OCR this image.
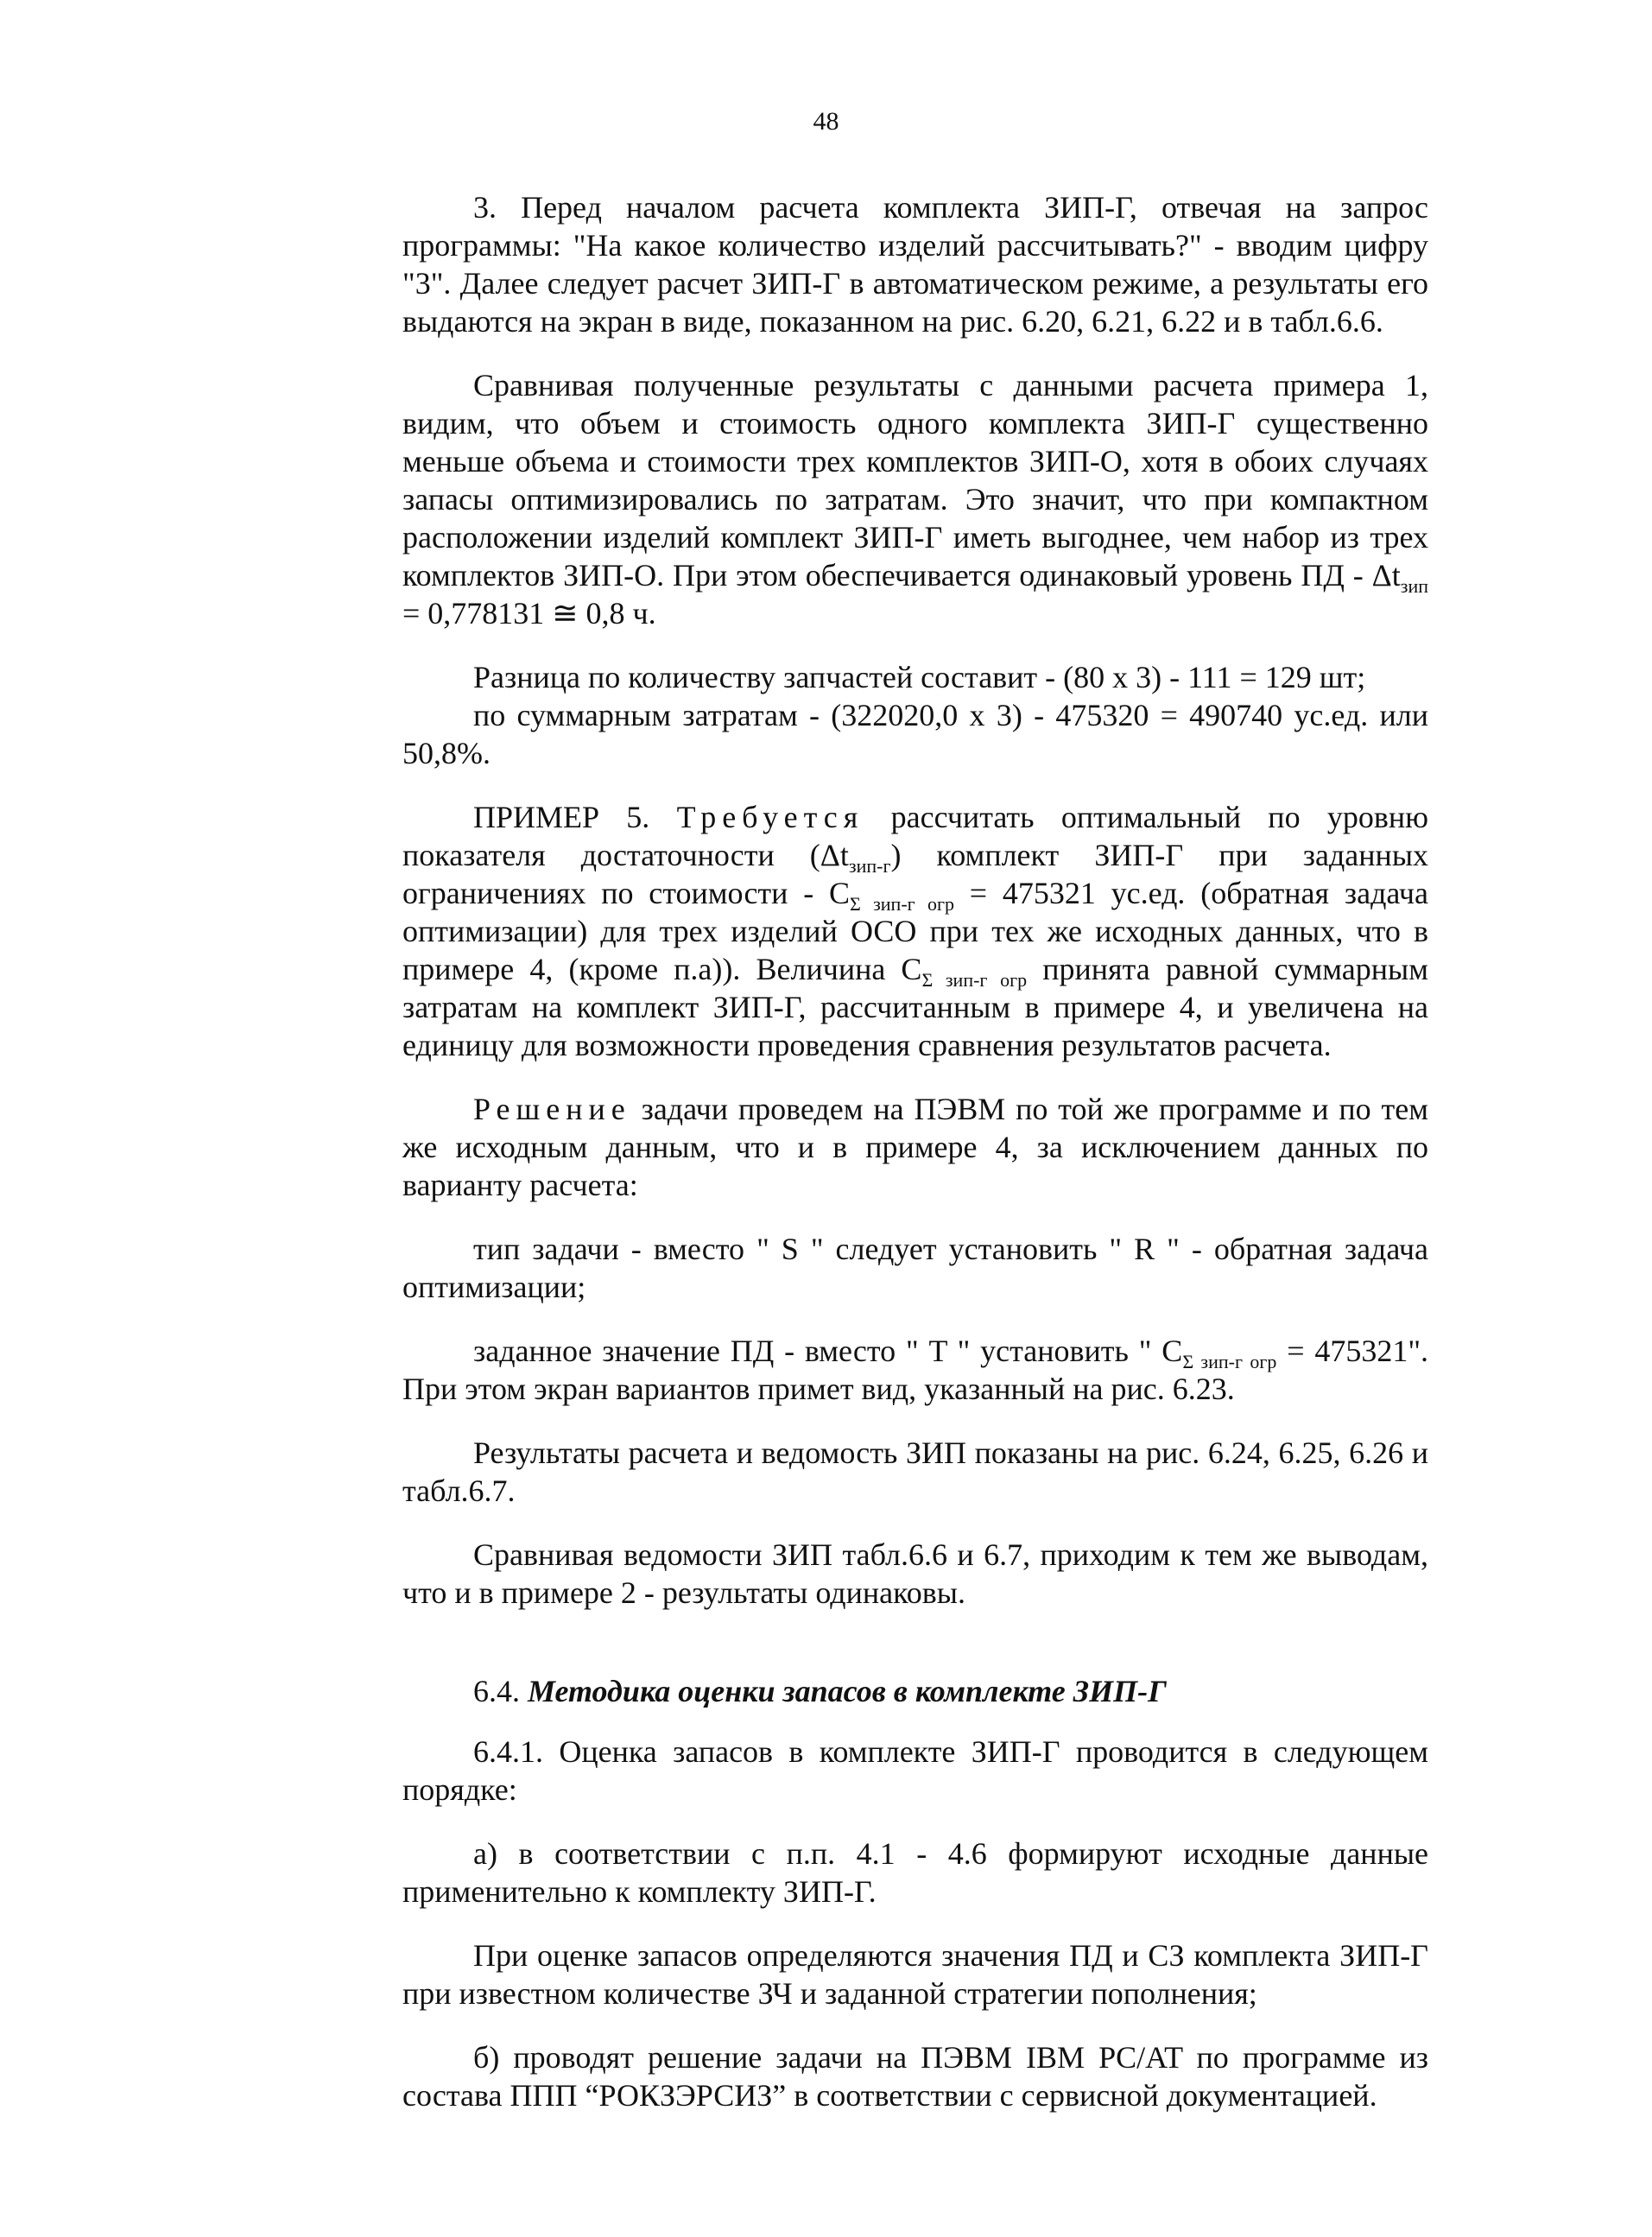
48

3. Перед началом расчета комплекта ЗИП-Г, отвечая на запрос программы: "На какое количество изделий рассчитывать?" - вводим цифру "3". Далее следует расчет ЗИП-Г в автоматическом режиме, а результаты его выдаются на экран в виде, показанном на рис. 6.20, 6.21, 6.22 и в табл.6.6.

Сравнивая полученные результаты с данными расчета примера 1, видим, что объем и стоимость одного комплекта ЗИП-Г существенно меньше объема и стоимости трех комплектов ЗИП-О, хотя в обоих случаях запасы оптимизировались по затратам. Это значит, что при компактном расположении изделий комплект ЗИП-Г иметь выгоднее, чем набор из трех комплектов ЗИП-О. При этом обеспечивается одинаковый уровень ПД - $\Delta t_{зип} = 0,778131$ ≅ 0,8 ч.

Разница по количеству запчастей составит - (80 х 3) - 111 = 129 шт;

по суммарным затратам - (322020,0 х 3) - 475320 = 490740 ус.ед. или 50,8%.

ПРИМЕР 5. Требуется рассчитать оптимальный по уровню показателя достаточности $(\Delta t_{зип-г})$ комплект ЗИП-Г при заданных ограничениях по стоимости - $C_{\Sigma зип-г огр} = 475321$ ус.ед. (обратная задача оптимизации) для трех изделий ОСО при тех же исходных данных, что в примере 4, (кроме п.а)). Величина $C_{\Sigma зип-г огр}$ принята равной суммарным затратам на комплект ЗИП-Г, рассчитанным в примере 4, и увеличена на единицу для возможности проведения сравнения результатов расчета.

Решение задачи проведем на ПЭВМ по той же программе и по тем же исходным данным, что и в примере 4, за исключением данных по варианту расчета:

тип задачи - вместо " S " следует установить " R " - обратная задача оптимизации;

заданное значение ПД - вместо " T " установить " $C_{\Sigma зип-г огр} = 475321$". При этом экран вариантов примет вид, указанный на рис. 6.23.

Результаты расчета и ведомость ЗИП показаны на рис. 6.24, 6.25, 6.26 и табл.6.7.

Сравнивая ведомости ЗИП табл.6.6 и 6.7, приходим к тем же выводам, что и в примере 2 - результаты одинаковы.

6.4. Методика оценки запасов в комплекте ЗИП-Г

6.4.1. Оценка запасов в комплекте ЗИП-Г проводится в следующем порядке:

а) в соответствии с п.п. 4.1 - 4.6 формируют исходные данные применительно к комплекту ЗИП-Г.

При оценке запасов определяются значения ПД и СЗ комплекта ЗИП-Г при известном количестве ЗЧ и заданной стратегии пополнения;

б) проводят решение задачи на ПЭВМ IBM PC/AT по программе из состава ППП “РОКЗЭРСИЗ” в соответствии с сервисной документацией.
